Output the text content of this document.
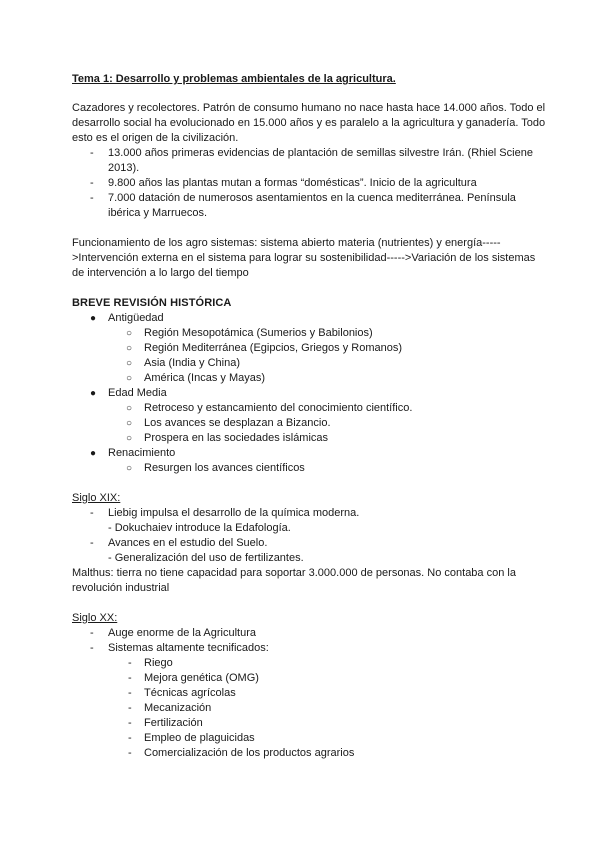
Tema 1: Desarrollo y problemas ambientales de la agricultura.

Cazadores y recolectores. Patrón de consumo humano no nace hasta hace 14.000 años. Todo el desarrollo social ha evolucionado en 15.000 años y es paralelo a la agricultura y ganadería. Todo esto es el origen de la civilización.

- 13.000 años primeras evidencias de plantación de semillas silvestre Irán. (Rhiel Sciene 2013).
- 9.800 años las plantas mutan a formas “domésticas”. Inicio de la agricultura
- 7.000 datación de numerosos asentamientos en la cuenca mediterránea. Península ibérica y Marruecos.

Funcionamiento de los agro sistemas: sistema abierto materia (nutrientes) y energía----->Intervención externa en el sistema para lograr su sostenibilidad----->Variación de los sistemas de intervención a lo largo del tiempo

BREVE REVISIÓN HISTÓRICA

● Antigüedad
○ Región Mesopotámica (Sumerios y Babilonios)
○ Región Mediterránea (Egipcios, Griegos y Romanos)
○ Asia (India y China)
○ América (Incas y Mayas)
● Edad Media
○ Retroceso y estancamiento del conocimiento científico.
○ Los avances se desplazan a Bizancio.
○ Prospera en las sociedades islámicas
● Renacimiento
○ Resurgen los avances científicos

Siglo XIX:

- Liebig impulsa el desarrollo de la química moderna.
- Dokuchaiev introduce la Edafología.
- Avances en el estudio del Suelo.
- Generalización del uso de fertilizantes.

Malthus: tierra no tiene capacidad para soportar 3.000.000 de personas. No contaba con la revolución industrial

Siglo XX:

- Auge enorme de la Agricultura
- Sistemas altamente tecnificados:
- Riego
- Mejora genética (OMG)
- Técnicas agrícolas
- Mecanización
- Fertilización
- Empleo de plaguicidas
- Comercialización de los productos agrarios
